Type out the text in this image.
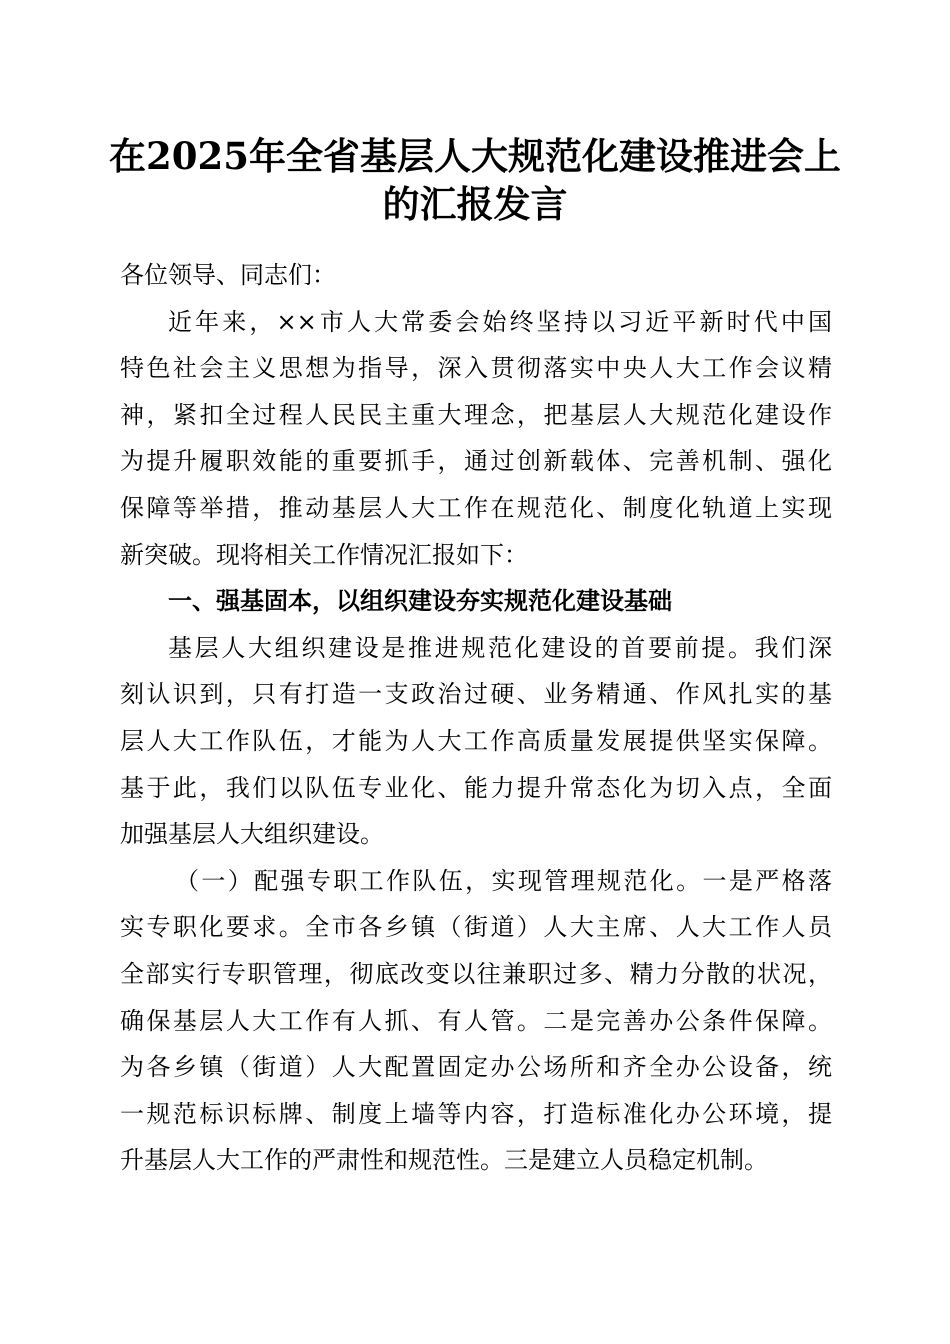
在2025年全省基层人大规范化建设推进会上
的汇报发言
各位领导、同志们：
近年来，××市人大常委会始终坚持以习近平新时代中国
特色社会主义思想为指导，深入贯彻落实中央人大工作会议精
神，紧扣全过程人民民主重大理念，把基层人大规范化建设作
为提升履职效能的重要抓手，通过创新载体、完善机制、强化
保障等举措，推动基层人大工作在规范化、制度化轨道上实现
新突破。现将相关工作情况汇报如下：
一、强基固本，以组织建设夯实规范化建设基础
基层人大组织建设是推进规范化建设的首要前提。我们深
刻认识到，只有打造一支政治过硬、业务精通、作风扎实的基
层人大工作队伍，才能为人大工作高质量发展提供坚实保障。
基于此，我们以队伍专业化、能力提升常态化为切入点，全面
加强基层人大组织建设。
（一）配强专职工作队伍，实现管理规范化。一是严格落
实专职化要求。全市各乡镇（街道）人大主席、人大工作人员
全部实行专职管理，彻底改变以往兼职过多、精力分散的状况，
确保基层人大工作有人抓、有人管。二是完善办公条件保障。
为各乡镇（街道）人大配置固定办公场所和齐全办公设备，统
一规范标识标牌、制度上墙等内容，打造标准化办公环境，提
升基层人大工作的严肃性和规范性。三是建立人员稳定机制。
